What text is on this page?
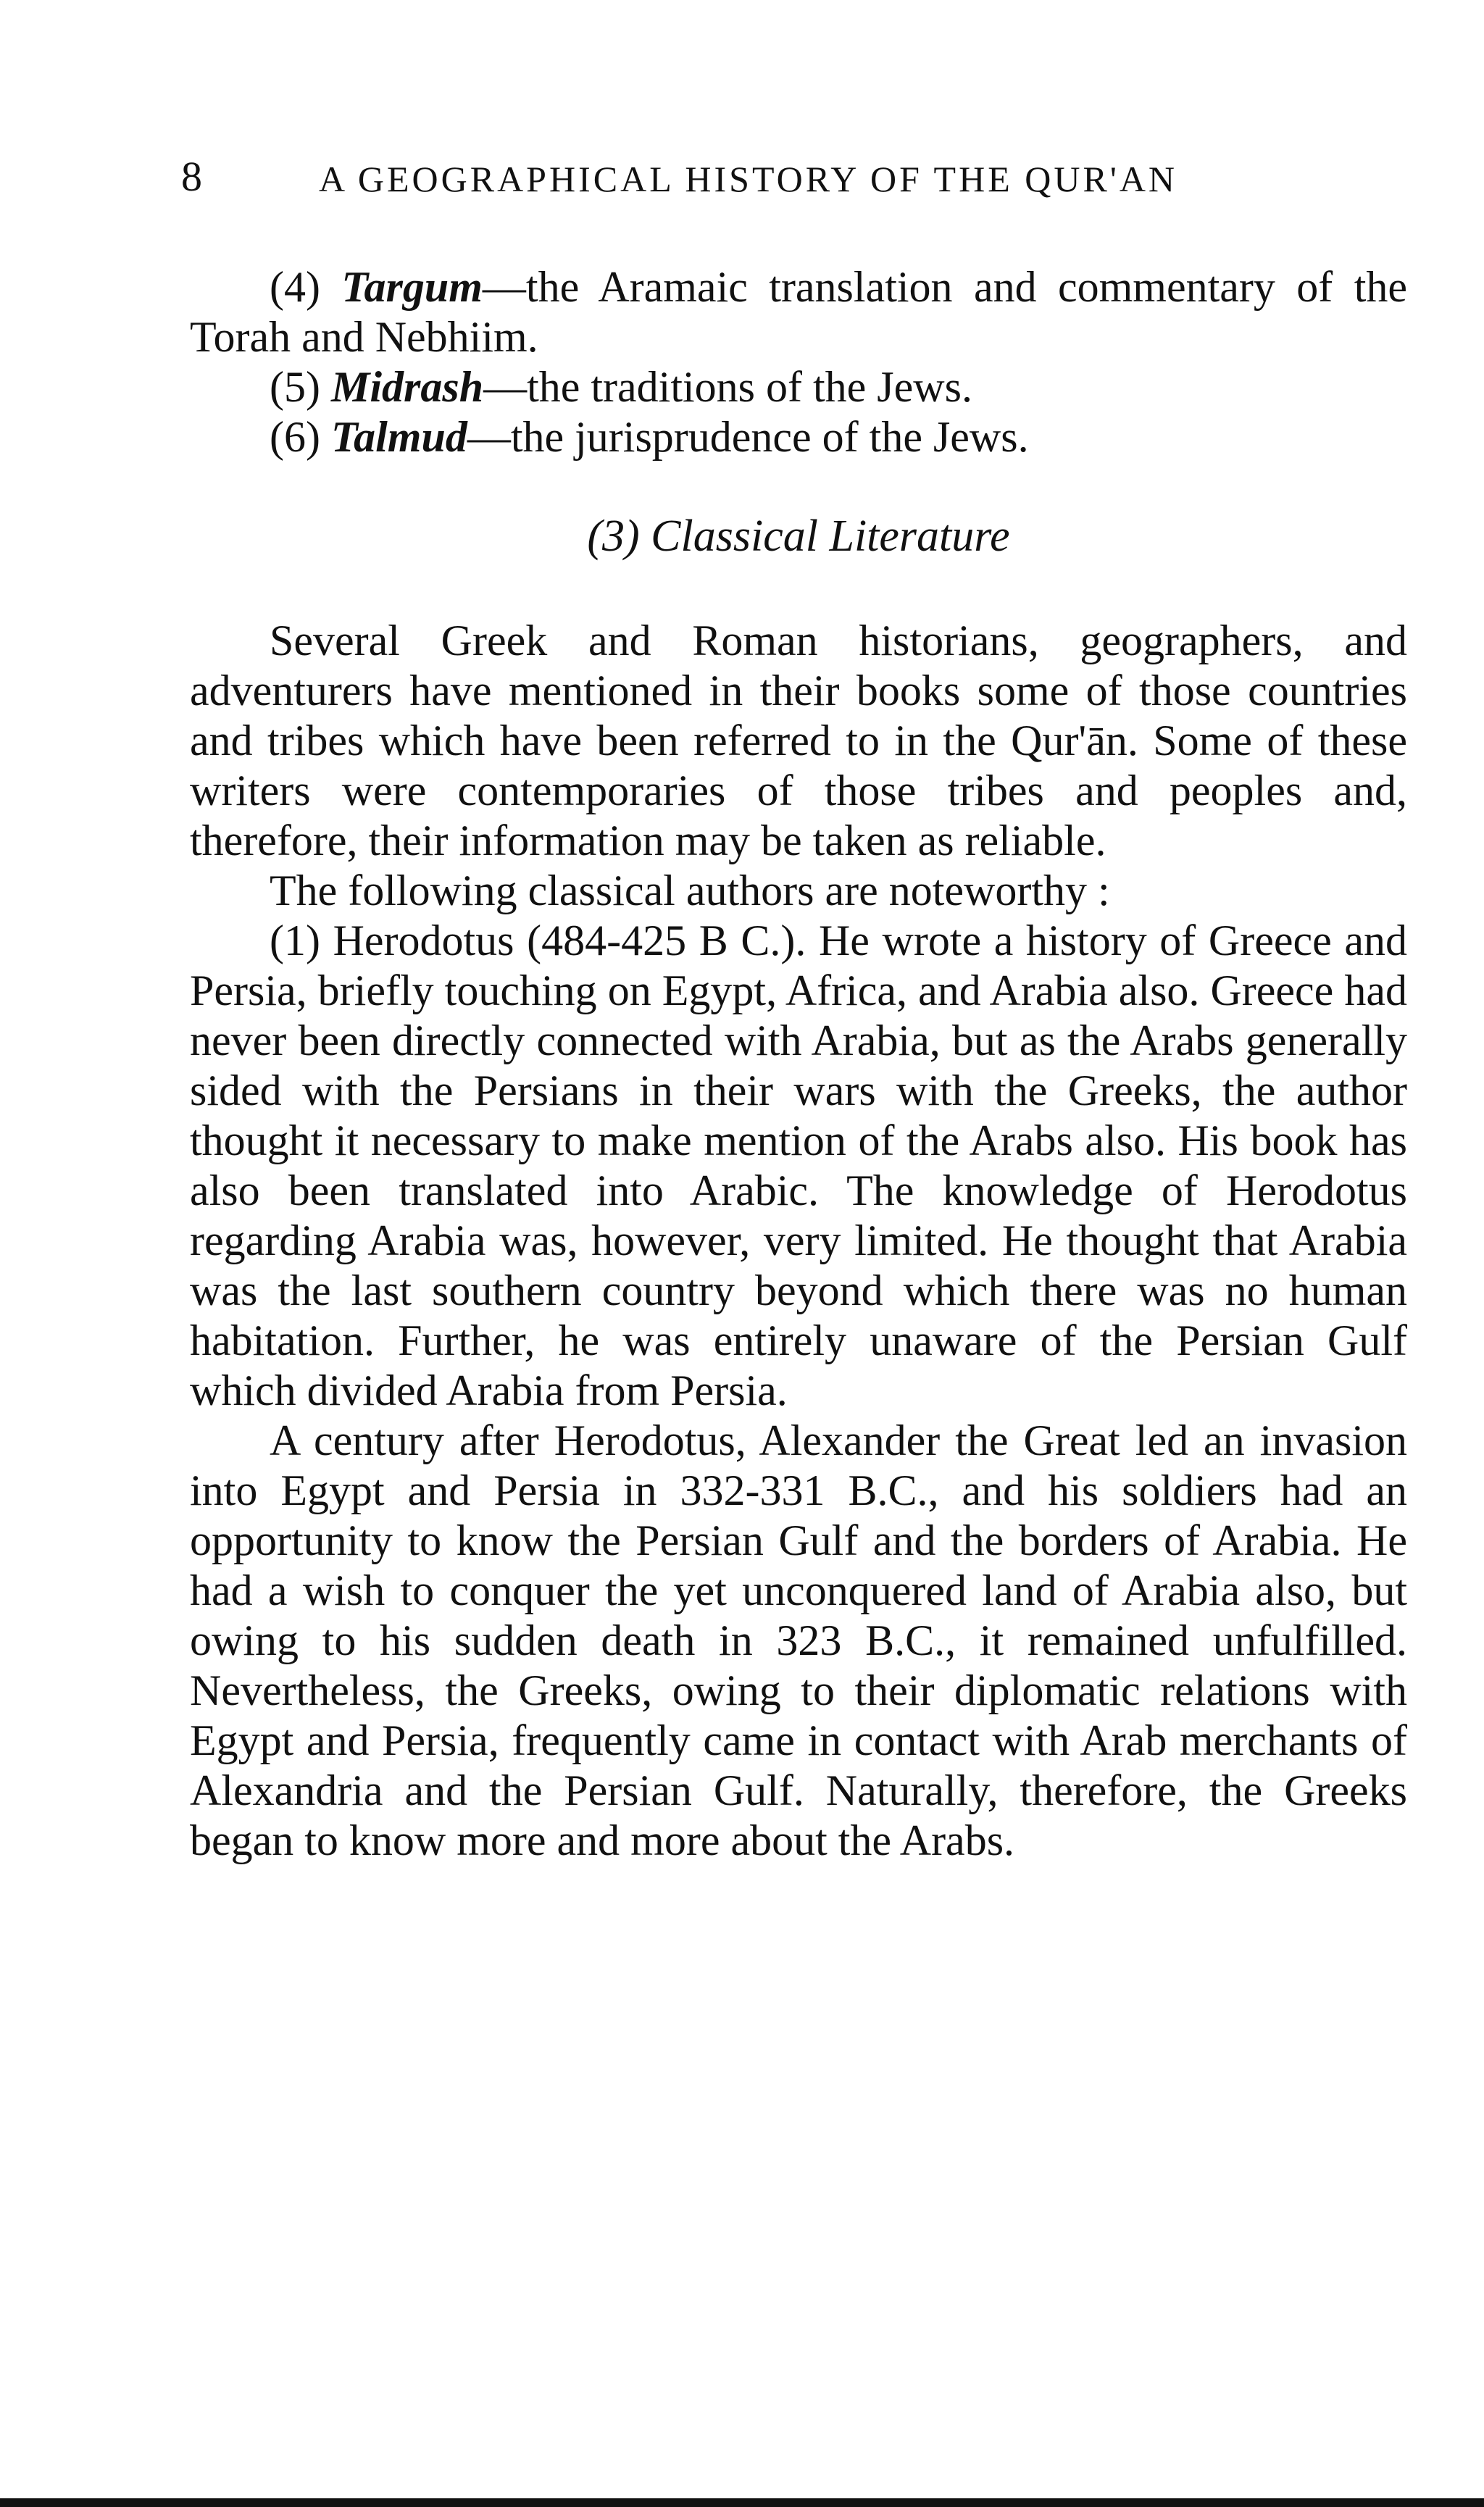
8	A GEOGRAPHICAL HISTORY OF THE QUR'AN

(4) Targum—the Aramaic translation and commentary of the Torah and Nebhiim.

(5) Midrash—the traditions of the Jews.

(6) Talmud—the jurisprudence of the Jews.

(3) Classical Literature

Several Greek and Roman historians, geographers, and adventurers have mentioned in their books some of those countries and tribes which have been referred to in the Qur'ān. Some of these writers were contemporaries of those tribes and peoples and, therefore, their information may be taken as reliable.

The following classical authors are noteworthy :

(1) Herodotus (484-425 B C.). He wrote a history of Greece and Persia, briefly touching on Egypt, Africa, and Arabia also. Greece had never been directly connected with Arabia, but as the Arabs generally sided with the Persians in their wars with the Greeks, the author thought it necessary to make mention of the Arabs also. His book has also been translated into Arabic. The knowledge of Herodotus regarding Arabia was, however, very limited. He thought that Arabia was the last southern country beyond which there was no human habitation. Further, he was entirely unaware of the Persian Gulf which divided Arabia from Persia.

A century after Herodotus, Alexander the Great led an invasion into Egypt and Persia in 332-331 B.C., and his soldiers had an opportunity to know the Persian Gulf and the borders of Arabia. He had a wish to conquer the yet unconquered land of Arabia also, but owing to his sudden death in 323 B.C., it remained unfulfilled. Nevertheless, the Greeks, owing to their diplomatic relations with Egypt and Persia, frequently came in contact with Arab merchants of Alexandria and the Persian Gulf. Naturally, therefore, the Greeks began to know more and more about the Arabs.
